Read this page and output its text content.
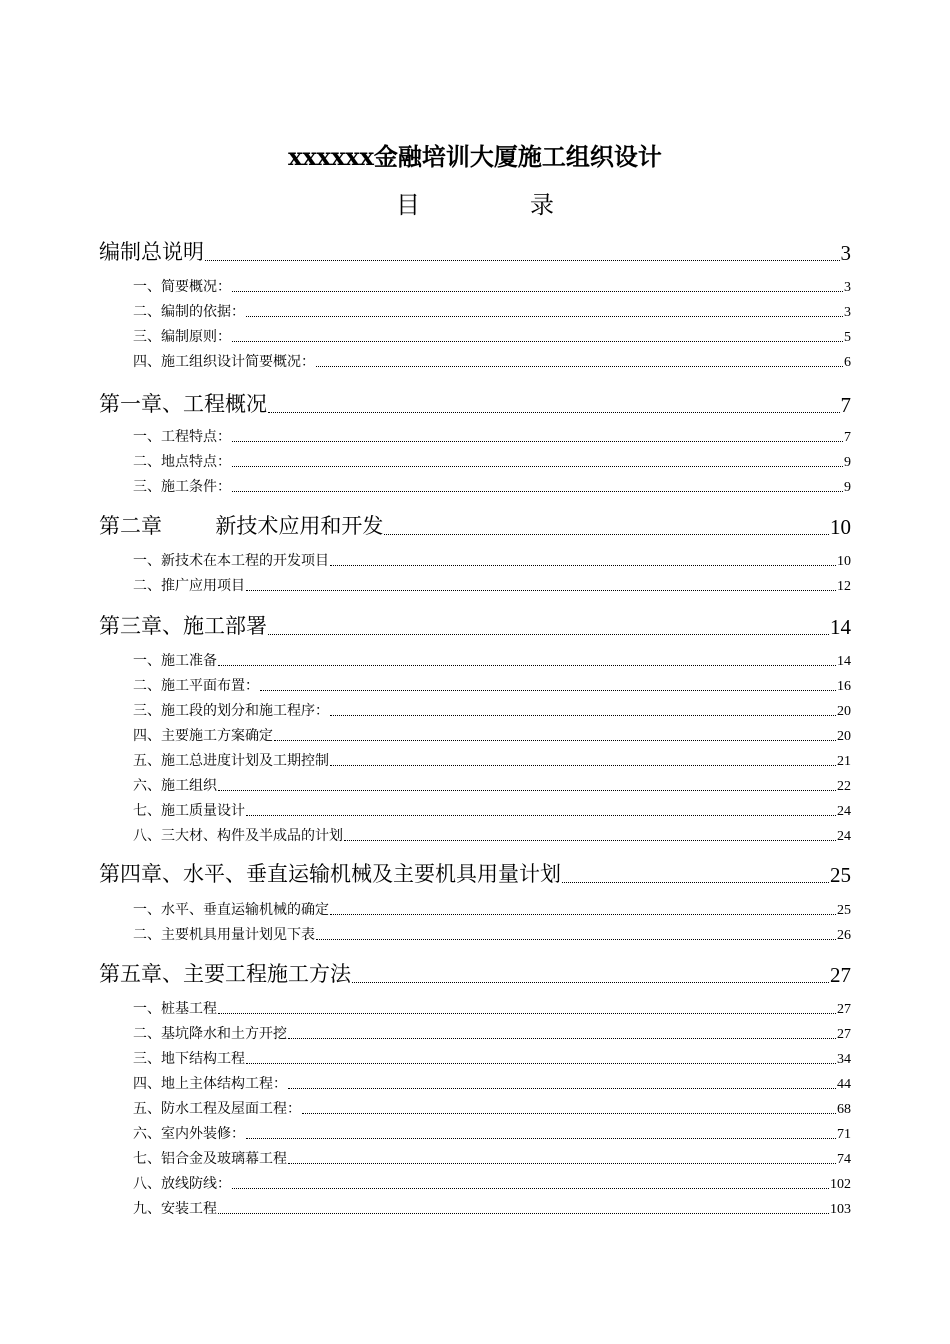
xxxxxx金融培训大厦施工组织设计
目	录
编制总说明	3
一、简要概况：	3
二、编制的依据：	3
三、编制原则：	5
四、施工组织设计简要概况：	6
第一章、工程概况	7
一、工程特点：	7
二、地点特点：	9
三、施工条件：	9
第二章        新技术应用和开发	10
一、新技术在本工程的开发项目	10
二、推广应用项目	12
第三章、施工部署	14
一、施工准备	14
二、施工平面布置：	16
三、施工段的划分和施工程序：	20
四、主要施工方案确定	20
五、施工总进度计划及工期控制	21
六、施工组织	22
七、施工质量设计	24
八、三大材、构件及半成品的计划	24
第四章、水平、垂直运输机械及主要机具用量计划	25
一、水平、垂直运输机械的确定	25
二、主要机具用量计划见下表	26
第五章、主要工程施工方法	27
一、桩基工程	27
二、基坑降水和土方开挖	27
三、地下结构工程	34
四、地上主体结构工程：	44
五、防水工程及屋面工程：	68
六、室内外装修：	71
七、铝合金及玻璃幕工程	74
八、放线防线：	102
九、安装工程	103
